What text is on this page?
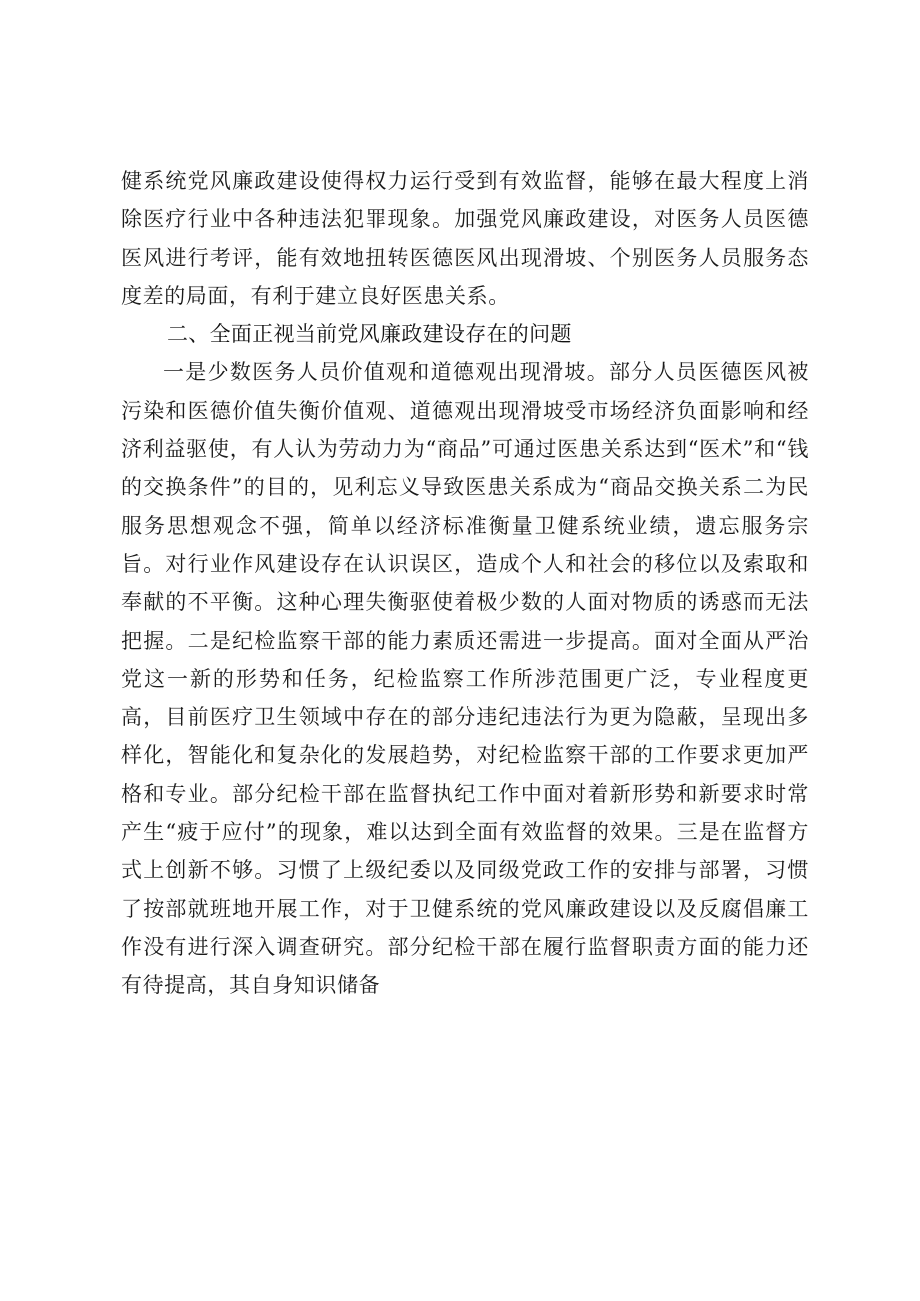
健系统党风廉政建设使得权力运行受到有效监督，能够在最大程度上消除医疗行业中各种违法犯罪现象。加强党风廉政建设，对医务人员医德医风进行考评，能有效地扭转医德医风出现滑坡、个别医务人员服务态度差的局面，有利于建立良好医患关系。

二、全面正视当前党风廉政建设存在的问题

一是少数医务人员价值观和道德观出现滑坡。部分人员医德医风被污染和医德价值失衡价值观、道德观出现滑坡受市场经济负面影响和经济利益驱使，有人认为劳动力为“商品”可通过医患关系达到“医术”和“钱的交换条件”的目的，见利忘义导致医患关系成为“商品交换关系二为民服务思想观念不强，简单以经济标准衡量卫健系统业绩，遗忘服务宗旨。对行业作风建设存在认识误区，造成个人和社会的移位以及索取和奉献的不平衡。这种心理失衡驱使着极少数的人面对物质的诱惑而无法把握。二是纪检监察干部的能力素质还需进一步提高。面对全面从严治党这一新的形势和任务，纪检监察工作所涉范围更广泛，专业程度更高，目前医疗卫生领域中存在的部分违纪违法行为更为隐蔽，呈现出多样化，智能化和复杂化的发展趋势，对纪检监察干部的工作要求更加严格和专业。部分纪检干部在监督执纪工作中面对着新形势和新要求时常产生“疲于应付”的现象，难以达到全面有效监督的效果。三是在监督方式上创新不够。习惯了上级纪委以及同级党政工作的安排与部署，习惯了按部就班地开展工作，对于卫健系统的党风廉政建设以及反腐倡廉工作没有进行深入调查研究。部分纪检干部在履行监督职责方面的能力还有待提高，其自身知识储备
